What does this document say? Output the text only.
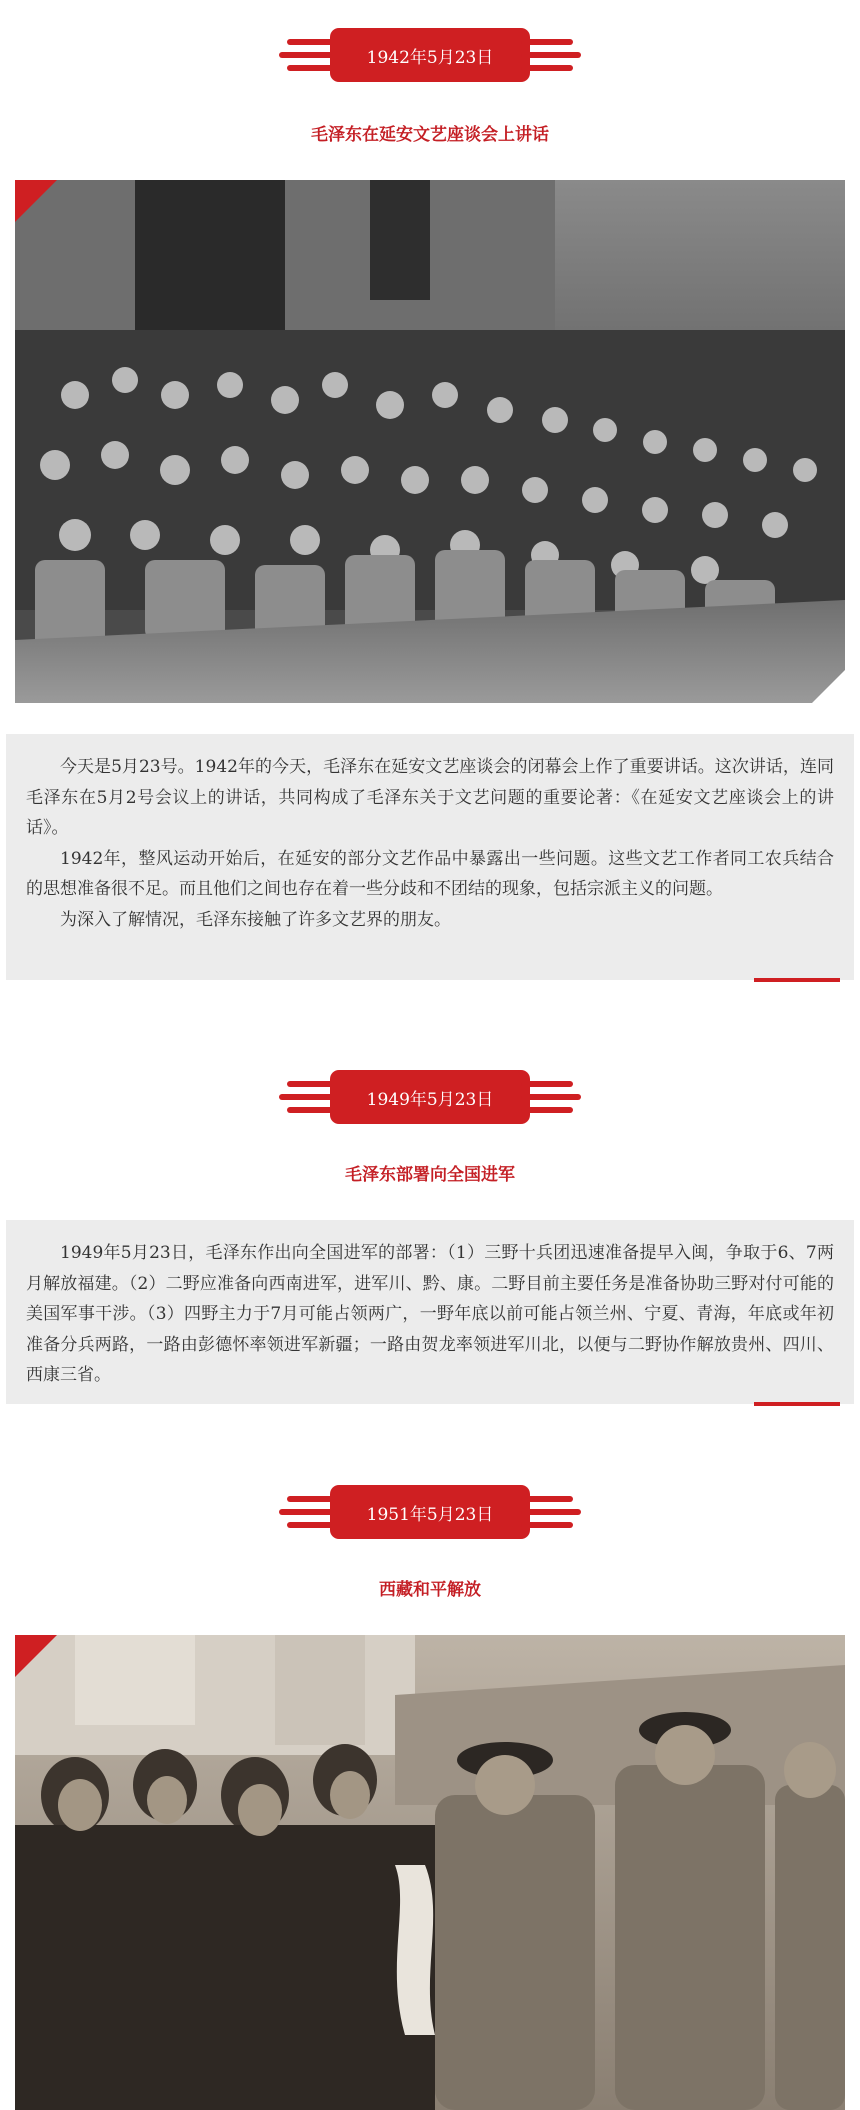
1942年5月23日
毛泽东在延安文艺座谈会上讲话

今天是5月23号。1942年的今天，毛泽东在延安文艺座谈会的闭幕会上作了重要讲话。这次讲话，连同毛泽东在5月2号会议上的讲话，共同构成了毛泽东关于文艺问题的重要论著：《在延安文艺座谈会上的讲话》。

1942年，整风运动开始后，在延安的部分文艺作品中暴露出一些问题。这些文艺工作者同工农兵结合的思想准备很不足。而且他们之间也存在着一些分歧和不团结的现象，包括宗派主义的问题。

为深入了解情况，毛泽东接触了许多文艺界的朋友。

1949年5月23日
毛泽东部署向全国进军

1949年5月23日，毛泽东作出向全国进军的部署：（1）三野十兵团迅速准备提早入闽，争取于6、7两月解放福建。（2）二野应准备向西南进军，进军川、黔、康。二野目前主要任务是准备协助三野对付可能的美国军事干涉。（3）四野主力于7月可能占领两广，一野年底以前可能占领兰州、宁夏、青海，年底或年初准备分兵两路，一路由彭德怀率领进军新疆；一路由贺龙率领进军川北，以便与二野协作解放贵州、四川、西康三省。

1951年5月23日
西藏和平解放
